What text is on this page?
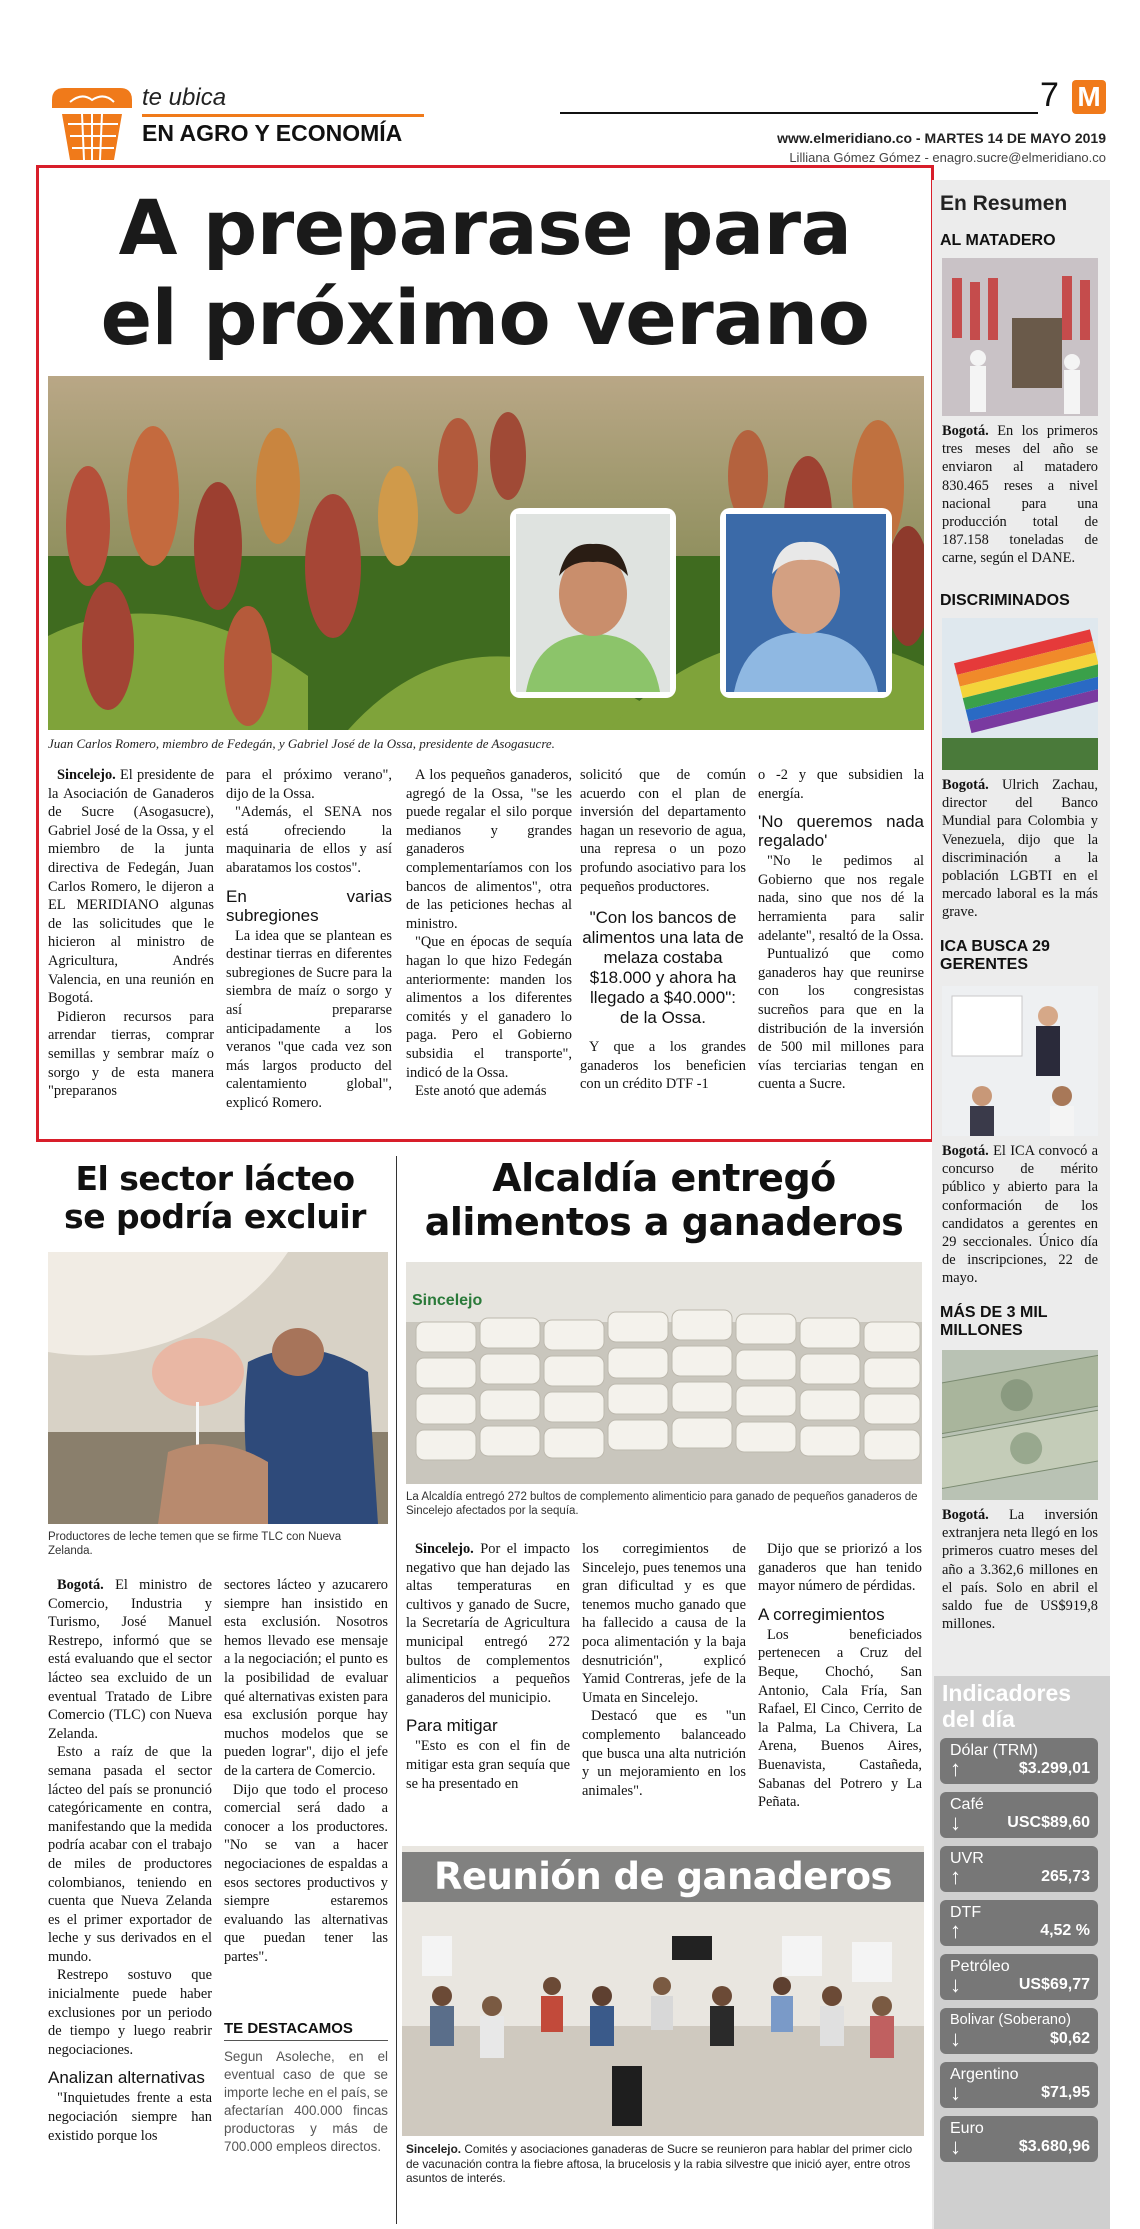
te ubica
EN AGRO Y ECONOMÍA
7 M
www.elmeridiano.co - MARTES 14 DE MAYO 2019
Lilliana Gómez Gómez - enagro.sucre@elmeridiano.co
A preparase para
el próximo verano
Juan Carlos Romero, miembro de Fedegán, y Gabriel José de la Ossa, presidente de Asogasucre.

Sincelejo. El presidente de la Asociación de Ganaderos de Sucre (Asogasucre), Gabriel José de la Ossa, y el miembro de la junta directiva de Fedegán, Juan Carlos Romero, le dijeron a EL MERIDIANO algunas de las solicitudes que le hicieron al ministro de Agricultura, Andrés Valencia, en una reunión en Bogotá.

Pidieron recursos para arrendar tierras, comprar semillas y sembrar maíz o sorgo y de esta manera "preparanos

para el próximo verano", dijo de la Ossa.

"Además, el SENA nos está ofreciendo la maquinaria de ellos y así abaratamos los costos".

En varias subregiones

La idea que se plantean es destinar tierras en diferentes subregiones de Sucre para la siembra de maíz o sorgo y así prepararse anticipadamente a los veranos "que cada vez son más largos producto del calentamiento global", explicó Romero.

A los pequeños ganaderos, agregó de la Ossa, "se les puede regalar el silo porque medianos y grandes ganaderos complementaríamos con los bancos de alimentos", otra de las peticiones hechas al ministro.

"Que en épocas de sequía hagan lo que hizo Fedegán anteriormente: manden los alimentos a los diferentes comités y el ganadero lo paga. Pero el Gobierno subsidia el transporte", indicó de la Ossa.

Este anotó que además

solicitó que de común acuerdo con el plan de inversión del departamento hagan un resevorio de agua, una represa o un pozo profundo asociativo para los pequeños productores.

"Con los bancos de alimentos una lata de melaza costaba $18.000 y ahora ha llegado a $40.000": de la Ossa.

Y que a los grandes ganaderos los beneficien con un crédito DTF -1

o -2 y que subsidien la energía.

'No queremos nada regalado'

"No le pedimos al Gobierno que nos regale nada, sino que nos dé la herramienta para salir adelante", resaltó de la Ossa.

Puntualizó que como ganaderos hay que reunirse con los congresistas sucreños para que en la distribución de la inversión de 500 mil millones para vías terciarias tengan en cuenta a Sucre.

El sector lácteo
se podría excluir
Productores de leche temen que se firme TLC con Nueva Zelanda.

Bogotá. El ministro de Comercio, Industria y Turismo, José Manuel Restrepo, informó que se está evaluando que el sector lácteo sea excluido de un eventual Tratado de Libre Comercio (TLC) con Nueva Zelanda.

Esto a raíz de que la semana pasada el sector lácteo del país se pronunció categóricamente en contra, manifestando que la medida podría acabar con el trabajo de miles de productores colombianos, teniendo en cuenta que Nueva Zelanda es el primer exportador de leche y sus derivados en el mundo.

Restrepo sostuvo que inicialmente puede haber exclusiones por un periodo de tiempo y luego reabrir negociaciones.

Analizan alternativas

"Inquietudes frente a esta negociación siempre han existido porque los

sectores lácteo y azucarero siempre han insistido en esta exclusión. Nosotros hemos llevado ese mensaje a la negociación; el punto es la posibilidad de evaluar qué alternativas existen para esa exclusión porque hay muchos modelos que se pueden lograr", dijo el jefe de la cartera de Comercio.

Dijo que todo el proceso comercial será dado a conocer a los productores. "No se van a hacer negociaciones de espaldas a esos sectores productivos y siempre estaremos evaluando las alternativas que puedan tener las partes".

TE DESTACAMOS
Segun Asoleche, en el eventual caso de que se importe leche en el país, se afectarían 400.000 fincas productoras y más de 700.000 empleos directos.
Alcaldía entregó
alimentos a ganaderos
Sincelejo
La Alcaldía entregó 272 bultos de complemento alimenticio para ganado de pequeños ganaderos de Sincelejo afectados por la sequía.

Sincelejo. Por el impacto negativo que han dejado las altas temperaturas en cultivos y ganado de Sucre, la Secretaría de Agricultura municipal entregó 272 bultos de complementos alimenticios a pequeños ganaderos del municipio.

Para mitigar

"Esto es con el fin de mitigar esta gran sequía que se ha presentado en

los corregimientos de Sincelejo, pues tenemos una gran dificultad y es que tenemos mucho ganado que ha fallecido a causa de la poca alimentación y la baja desnutrición", explicó Yamid Contreras, jefe de la Umata en Sincelejo.

Destacó que es "un complemento balanceado que busca una alta nutrición y un mejoramiento en los animales".

Dijo que se priorizó a los ganaderos que han tenido mayor número de pérdidas.

A corregimientos

Los beneficiados pertenecen a Cruz del Beque, Chochó, San Antonio, Cala Fría, San Rafael, El Cinco, Cerrito de la Palma, La Chivera, La Arena, Buenos Aires, Buenavista, Castañeda, Sabanas del Potrero y La Peñata.

Reunión de ganaderos
Sincelejo. Comités y asociaciones ganaderas de Sucre se reunieron para hablar del primer ciclo de vacunación contra la fiebre aftosa, la brucelosis y la rabia silvestre que inició ayer, entre otros asuntos de interés.
En Resumen
AL MATADERO
Bogotá. En los primeros tres meses del año se enviaron al matadero 830.465 reses a nivel nacional para una producción total de 187.158 toneladas de carne, según el DANE.
DISCRIMINADOS
Bogotá. Ulrich Zachau, director del Banco Mundial para Colombia y Venezuela, dijo que la discriminación a la población LGBTI en el mercado laboral es la más grave.
ICA BUSCA 29 GERENTES
Bogotá. El ICA convocó a concurso de mérito público y abierto para la conformación de los candidatos a gerentes en 29 seccionales. Único día de inscripciones, 22 de mayo.
MÁS DE 3 MIL MILLONES
Bogotá. La inversión extranjera neta llegó en los primeros cuatro meses del año a 3.362,6 millones en el país. Solo en abril el saldo fue de US$919,8 millones.
Indicadores del día
Dólar (TRM)
↑	$3.299,01
Café
↓	USC$89,60
UVR
↑	265,73
DTF
↑	4,52 %
Petróleo
↓	US$69,77
Bolivar (Soberano)
↓	$0,62
Argentino
↓	$71,95
Euro
↓	$3.680,96
